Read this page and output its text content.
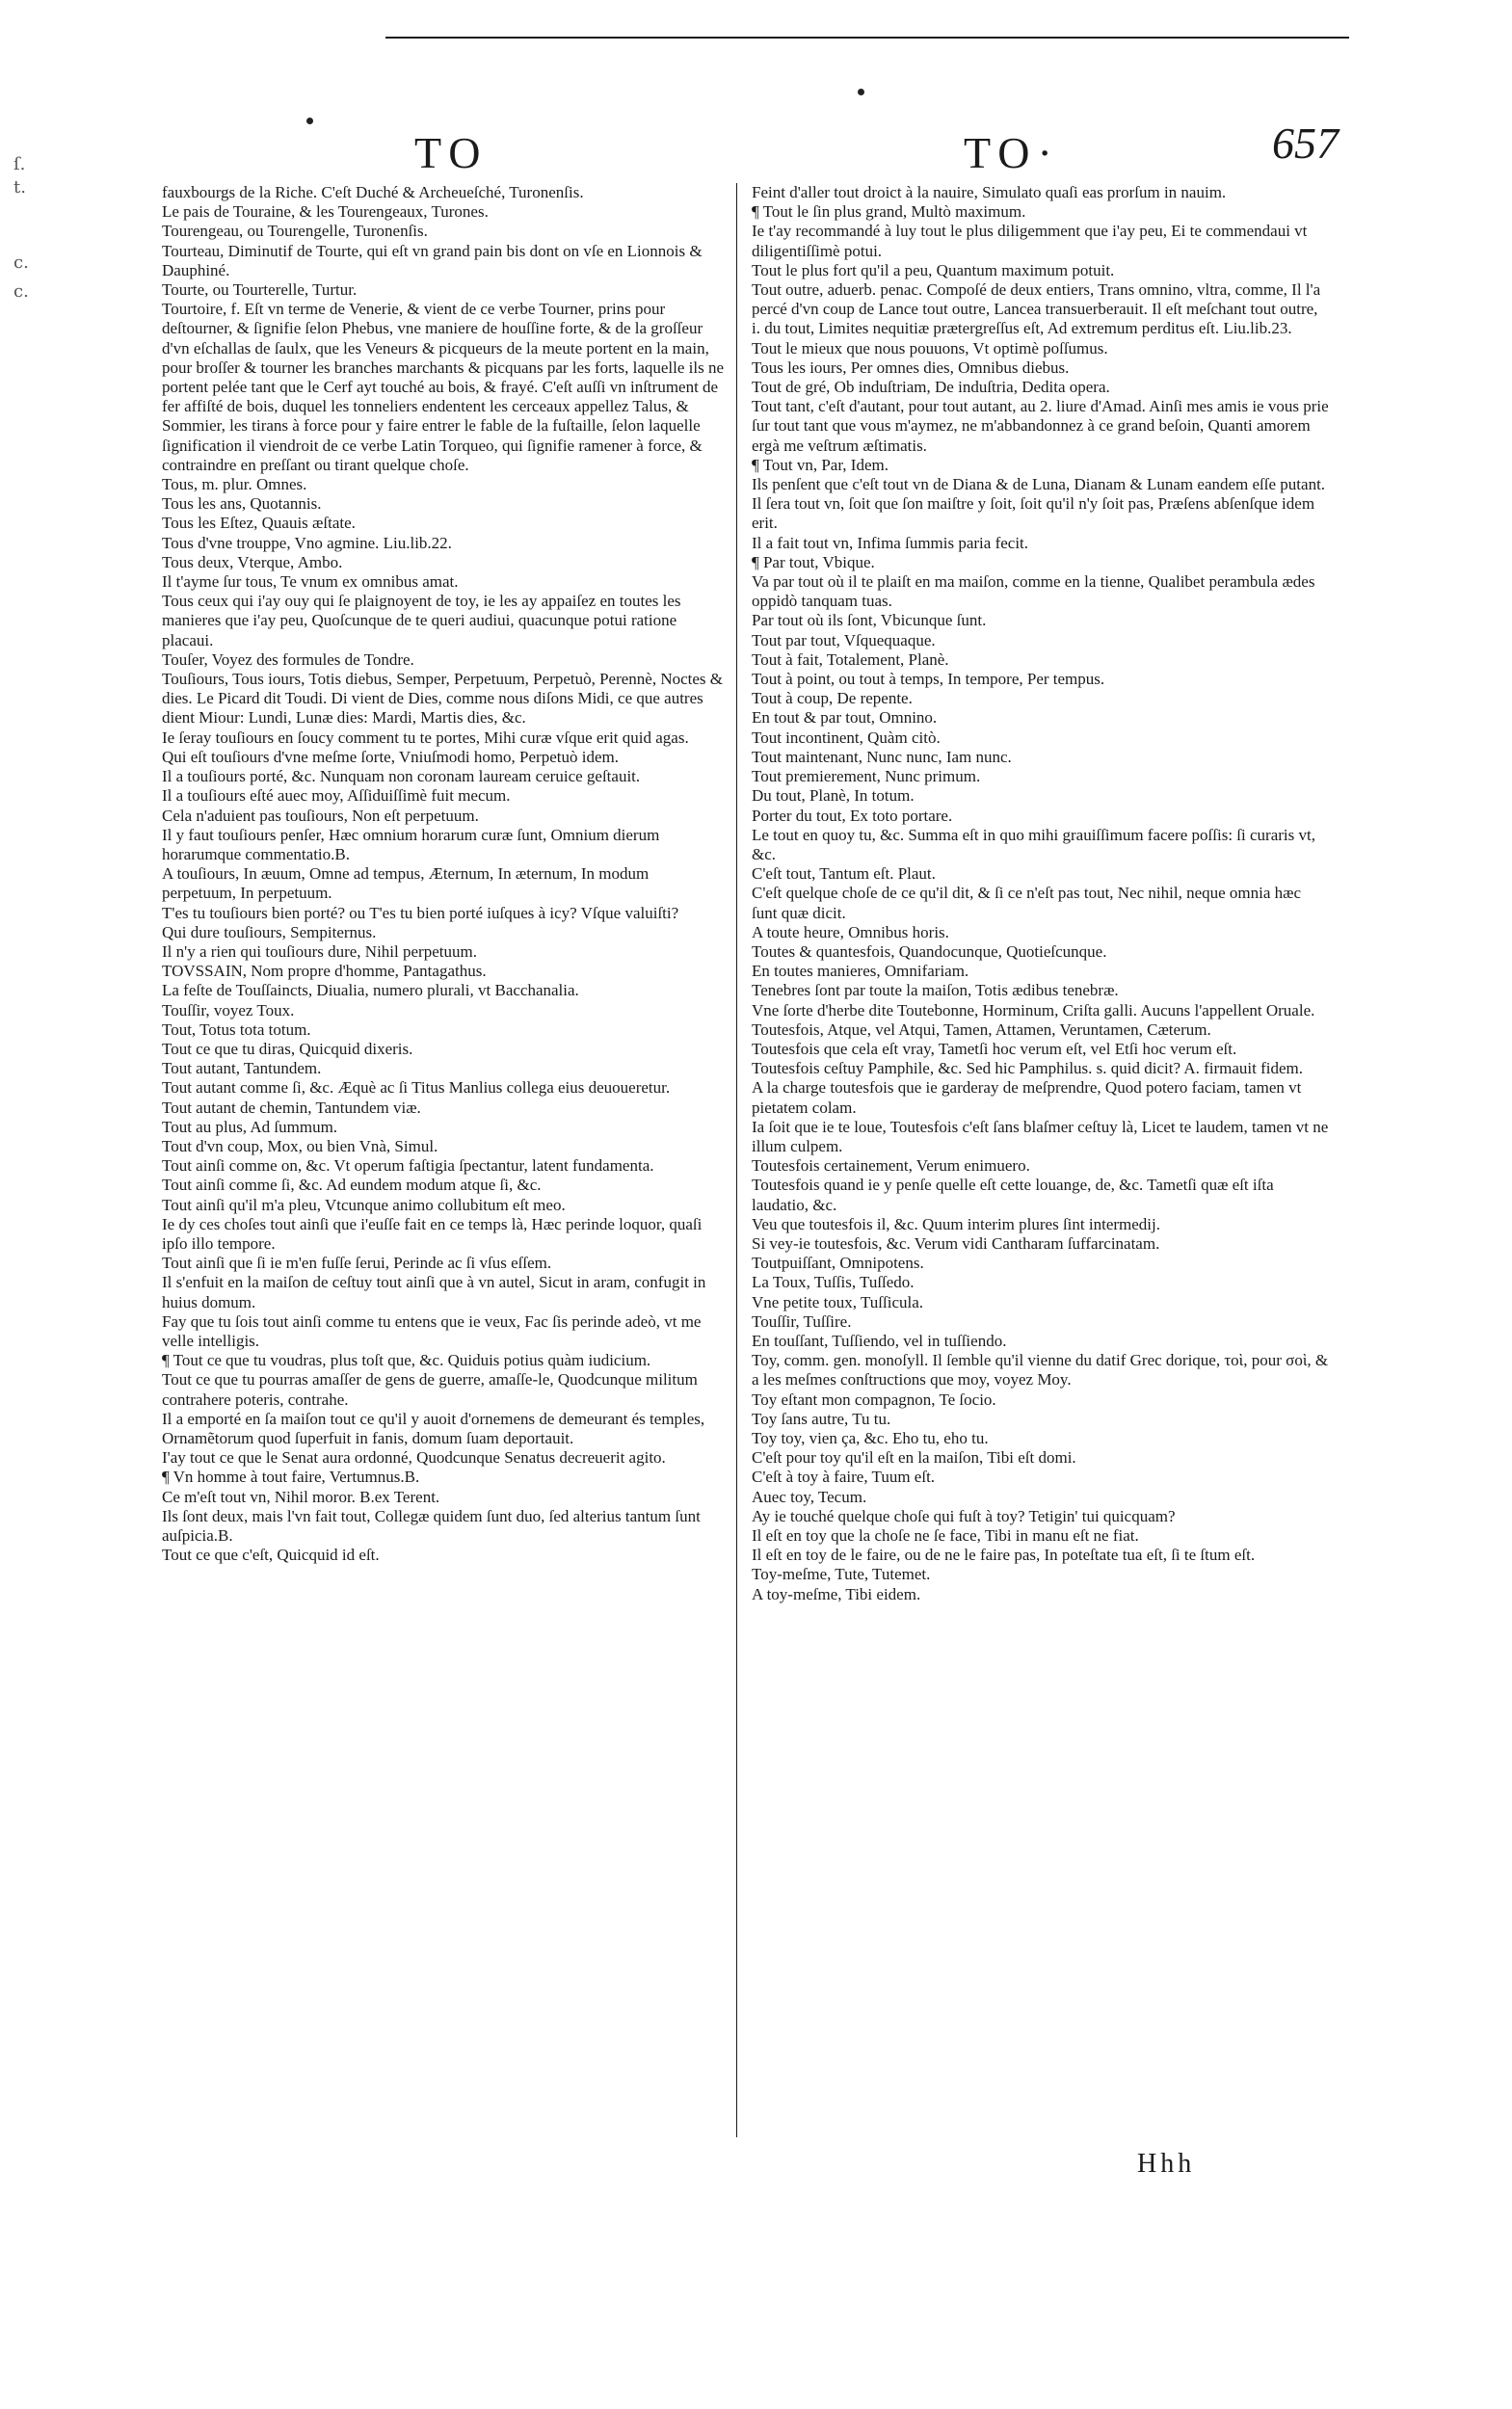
TO	TO·	657
ſ.
t.
c.
c.

fauxbourgs de la Riche. C'eſt Duché & Archeueſché, Turonenſis.

Le pais de Touraine, & les Tourengeaux, Turones.

Tourengeau, ou Tourengelle, Turonenſis.

Tourteau, Diminutif de Tourte, qui eſt vn grand pain bis dont on vſe en Lionnois & Dauphiné.

Tourte, ou Tourterelle, Turtur.

Tourtoire, f. Eſt vn terme de Venerie, & vient de ce verbe Tourner, prins pour deſtourner, & ſignifie ſelon Phebus, vne maniere de houſſine forte, & de la groſſeur d'vn eſchallas de ſaulx, que les Veneurs & picqueurs de la meute portent en la main, pour broſſer & tourner les branches marchants & picquans par les forts, laquelle ils ne portent pelée tant que le Cerf ayt touché au bois, & frayé. C'eſt auſſi vn inſtrument de fer affiſté de bois, duquel les tonneliers endentent les cerceaux appellez Talus, & Sommier, les tirans à force pour y faire entrer le fable de la fuſtaille, ſelon laquelle ſignification il viendroit de ce verbe Latin Torqueo, qui ſignifie ramener à force, & contraindre en preſſant ou tirant quelque choſe.

Tous, m. plur. Omnes.

Tous les ans, Quotannis.

Tous les Eſtez, Quauis æſtate.

Tous d'vne trouppe, Vno agmine. Liu.lib.22.

Tous deux, Vterque, Ambo.

Il t'ayme ſur tous, Te vnum ex omnibus amat.

Tous ceux qui i'ay ouy qui ſe plaignoyent de toy, ie les ay appaiſez en toutes les manieres que i'ay peu, Quoſcunque de te queri audiui, quacunque potui ratione placaui.

Touſer, Voyez des formules de Tondre.

Touſiours, Tous iours, Totis diebus, Semper, Perpetuum, Perpetuò, Perennè, Noctes & dies. Le Picard dit Toudi. Di vient de Dies, comme nous diſons Midi, ce que autres dient Miour: Lundi, Lunæ dies: Mardi, Martis dies, &c.

Ie ſeray touſiours en ſoucy comment tu te portes, Mihi curæ vſque erit quid agas.

Qui eſt touſiours d'vne meſme ſorte, Vniuſmodi homo, Perpetuò idem.

Il a touſiours porté, &c. Nunquam non coronam lauream ceruice geſtauit.

Il a touſiours eſté auec moy, Aſſiduiſſimè fuit mecum.

Cela n'aduient pas touſiours, Non eſt perpetuum.

Il y faut touſiours penſer, Hæc omnium horarum curæ ſunt, Omnium dierum horarumque commentatio.B.

A touſiours, In æuum, Omne ad tempus, Æternum, In æternum, In modum perpetuum, In perpetuum.

T'es tu touſiours bien porté? ou T'es tu bien porté iuſques à icy? Vſque valuiſti?

Qui dure touſiours, Sempiternus.

Il n'y a rien qui touſiours dure, Nihil perpetuum.

TOVSSAIN, Nom propre d'homme, Pantagathus.

La feſte de Touſſaincts, Diualia, numero plurali, vt Bacchanalia.

Touſſir, voyez Toux.

Tout, Totus tota totum.

Tout ce que tu diras, Quicquid dixeris.

Tout autant, Tantundem.

Tout autant comme ſi, &c. Æquè ac ſi Titus Manlius collega eius deuoueretur.

Tout autant de chemin, Tantundem viæ.

Tout au plus, Ad ſummum.

Tout d'vn coup, Mox, ou bien Vnà, Simul.

Tout ainſi comme on, &c. Vt operum faſtigia ſpectantur, latent fundamenta.

Tout ainſi comme ſi, &c. Ad eundem modum atque ſi, &c.

Tout ainſi qu'il m'a pleu, Vtcunque animo collubitum eſt meo.

Ie dy ces choſes tout ainſi que i'euſſe fait en ce temps là, Hæc perinde loquor, quaſi ipſo illo tempore.

Tout ainſi que ſi ie m'en fuſſe ſerui, Perinde ac ſi vſus eſſem.

Il s'enfuit en la maiſon de ceſtuy tout ainſi que à vn autel, Sicut in aram, confugit in huius domum.

Fay que tu ſois tout ainſi comme tu entens que ie veux, Fac ſis perinde adeò, vt me velle intelligis.

¶ Tout ce que tu voudras, plus toſt que, &c. Quiduis potius quàm iudicium.

Tout ce que tu pourras amaſſer de gens de guerre, amaſſe-le, Quodcunque militum contrahere poteris, contrahe.

Il a emporté en ſa maiſon tout ce qu'il y auoit d'ornemens de demeurant és temples, Ornamẽtorum quod ſuperfuit in fanis, domum ſuam deportauit.

I'ay tout ce que le Senat aura ordonné, Quodcunque Senatus decreuerit agito.

¶ Vn homme à tout faire, Vertumnus.B.

Ce m'eſt tout vn, Nihil moror. B.ex Terent.

Ils ſont deux, mais l'vn fait tout, Collegæ quidem ſunt duo, ſed alterius tantum ſunt auſpicia.B.

Tout ce que c'eſt, Quicquid id eſt.

Feint d'aller tout droict à la nauire, Simulato quaſi eas prorſum in nauim.

¶ Tout le ſin plus grand, Multò maximum.

Ie t'ay recommandé à luy tout le plus diligemment que i'ay peu, Ei te commendaui vt diligentiſſimè potui.

Tout le plus fort qu'il a peu, Quantum maximum potuit.

Tout outre, aduerb. penac. Compoſé de deux entiers, Trans omnino, vltra, comme, Il l'a percé d'vn coup de Lance tout outre, Lancea transuerberauit. Il eſt meſchant tout outre, i. du tout, Limites nequitiæ prætergreſſus eſt, Ad extremum perditus eſt. Liu.lib.23.

Tout le mieux que nous pouuons, Vt optimè poſſumus.

Tous les iours, Per omnes dies, Omnibus diebus.

Tout de gré, Ob induſtriam, De induſtria, Dedita opera.

Tout tant, c'eſt d'autant, pour tout autant, au 2. liure d'Amad. Ainſi mes amis ie vous prie ſur tout tant que vous m'aymez, ne m'abbandonnez à ce grand beſoin, Quanti amorem ergà me veſtrum æſtimatis.

¶ Tout vn, Par, Idem.

Ils penſent que c'eſt tout vn de Diana & de Luna, Dianam & Lunam eandem eſſe putant.

Il ſera tout vn, ſoit que ſon maiſtre y ſoit, ſoit qu'il n'y ſoit pas, Præſens abſenſque idem erit.

Il a fait tout vn, Infima ſummis paria fecit.

¶ Par tout, Vbique.

Va par tout où il te plaiſt en ma maiſon, comme en la tienne, Qualibet perambula ædes oppidò tanquam tuas.

Par tout où ils ſont, Vbicunque ſunt.

Tout par tout, Vſquequaque.

Tout à fait, Totalement, Planè.

Tout à point, ou tout à temps, In tempore, Per tempus.

Tout à coup, De repente.

En tout & par tout, Omnino.

Tout incontinent, Quàm citò.

Tout maintenant, Nunc nunc, Iam nunc.

Tout premierement, Nunc primum.

Du tout, Planè, In totum.

Porter du tout, Ex toto portare.

Le tout en quoy tu, &c. Summa eſt in quo mihi grauiſſimum facere poſſis: ſi curaris vt, &c.

C'eſt tout, Tantum eſt. Plaut.

C'eſt quelque choſe de ce qu'il dit, & ſi ce n'eſt pas tout, Nec nihil, neque omnia hæc ſunt quæ dicit.

A toute heure, Omnibus horis.

Toutes & quantesfois, Quandocunque, Quotieſcunque.

En toutes manieres, Omnifariam.

Tenebres ſont par toute la maiſon, Totis ædibus tenebræ.

Vne ſorte d'herbe dite Toutebonne, Horminum, Criſta galli. Aucuns l'appellent Oruale.

Toutesfois, Atque, vel Atqui, Tamen, Attamen, Veruntamen, Cæterum.

Toutesfois que cela eſt vray, Tametſi hoc verum eſt, vel Etſi hoc verum eſt.

Toutesfois ceſtuy Pamphile, &c. Sed hic Pamphilus. s. quid dicit? A. firmauit fidem.

A la charge toutesfois que ie garderay de meſprendre, Quod potero faciam, tamen vt pietatem colam.

Ia ſoit que ie te loue, Toutesfois c'eſt ſans blaſmer ceſtuy là, Licet te laudem, tamen vt ne illum culpem.

Toutesfois certainement, Verum enimuero.

Toutesfois quand ie y penſe quelle eſt cette louange, de, &c. Tametſi quæ eſt iſta laudatio, &c.

Veu que toutesfois il, &c. Quum interim plures ſint intermedij.

Si vey-ie toutesfois, &c. Verum vidi Cantharam ſuffarcinatam.

Toutpuiſſant, Omnipotens.

La Toux, Tuſſis, Tuſſedo.

Vne petite toux, Tuſſicula.

Touſſir, Tuſſire.

En touſſant, Tuſſiendo, vel in tuſſiendo.

Toy, comm. gen. monoſyll. Il ſemble qu'il vienne du datif Grec dorique, τοὶ, pour σοὶ, & a les meſmes conſtructions que moy, voyez Moy.

Toy eſtant mon compagnon, Te ſocio.

Toy ſans autre, Tu tu.

Toy toy, vien ça, &c. Eho tu, eho tu.

C'eſt pour toy qu'il eſt en la maiſon, Tibi eſt domi.

C'eſt à toy à faire, Tuum eſt.

Auec toy, Tecum.

Ay ie touché quelque choſe qui fuſt à toy? Tetigin' tui quicquam?

Il eſt en toy que la choſe ne ſe face, Tibi in manu eſt ne fiat.

Il eſt en toy de le faire, ou de ne le faire pas, In poteſtate tua eſt, ſi te ſtum eſt.

Toy-meſme, Tute, Tutemet.

A toy-meſme, Tibi eidem.

Hhh
